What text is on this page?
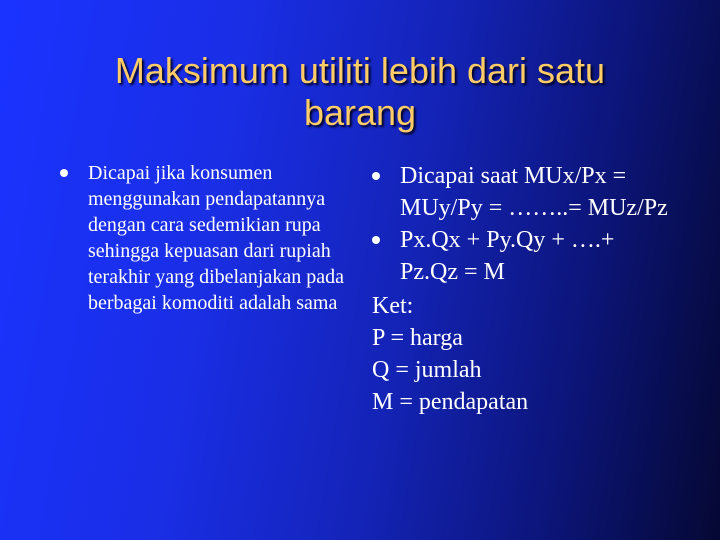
Maksimum utiliti lebih dari satu barang
Dicapai jika konsumen menggunakan pendapatannya dengan cara sedemikian rupa sehingga kepuasan dari rupiah terakhir yang dibelanjakan pada berbagai komoditi adalah sama
Dicapai saat MUx/Px = MUy/Py = ……..= MUz/Pz
Px.Qx + Py.Qy + ….+ Pz.Qz = M
Ket:
P = harga
Q = jumlah
M = pendapatan
